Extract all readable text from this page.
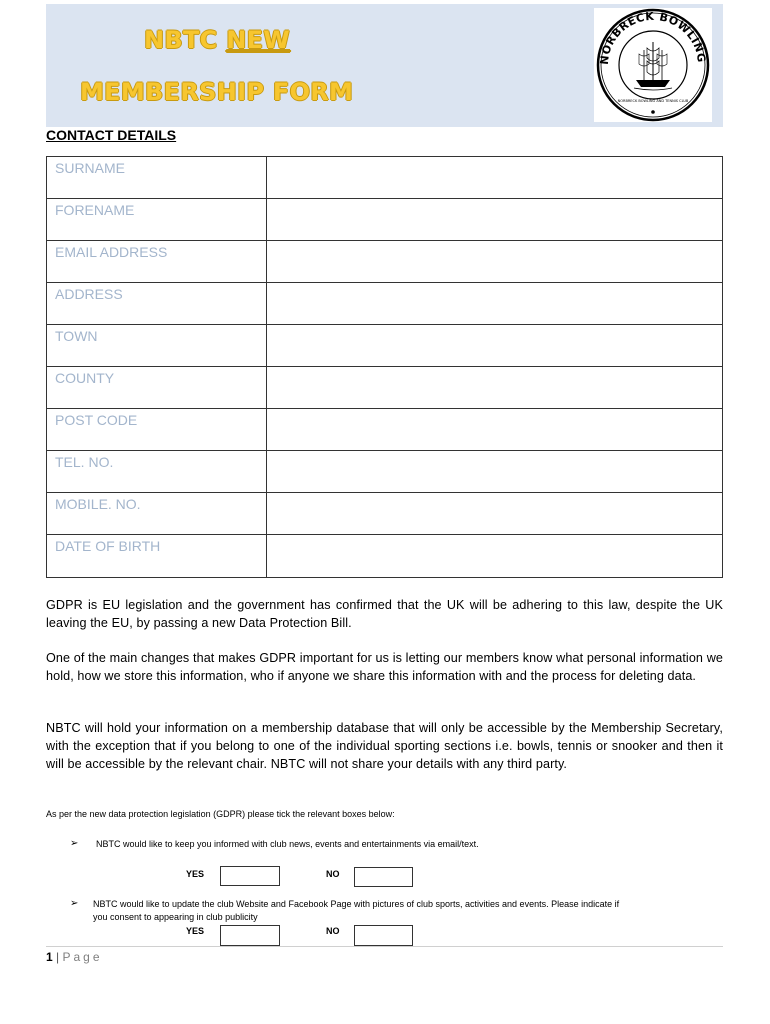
NBTC NEW
MEMBERSHIP FORM
NORBRECK BOWLING
NORBRECK BOWLING AND TENNIS CLUB
CONTACT DETAILS
SURNAME
FORENAME
EMAIL ADDRESS
ADDRESS
TOWN
COUNTY
POST CODE
TEL. NO.
MOBILE. NO.
DATE OF BIRTH
GDPR is EU legislation and the government has confirmed that the UK will be adhering to this law, despite the UK leaving the EU, by passing a new Data Protection Bill.
One of the main changes that makes GDPR important for us is letting our members know what personal information we hold, how we store this information, who if anyone we share this information with and the process for deleting data.
NBTC will hold your information on a membership database that will only be accessible by the Membership Secretary, with the exception that if you belong to one of the individual sporting sections i.e. bowls, tennis or snooker and then it will be accessible by the relevant chair. NBTC will not share your details with any third party.
As per the new data protection legislation (GDPR) please tick the relevant boxes below:
➢ NBTC would like to keep you informed with club news, events and entertainments via email/text.
YES	NO
➢ NBTC would like to update the club Website and Facebook Page with pictures of club sports, activities and events. Please indicate if
you consent to appearing in club publicity
YES	NO
1 | Page
